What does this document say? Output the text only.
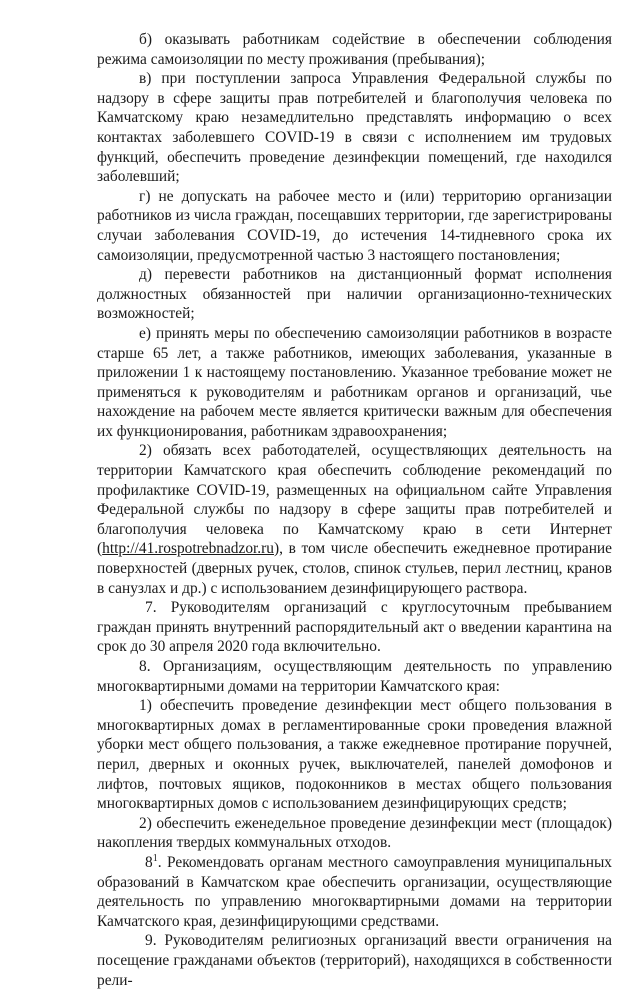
б) оказывать работникам содействие в обеспечении соблюдения режима самоизоляции по месту проживания (пребывания);

в) при поступлении запроса Управления Федеральной службы по надзору в сфере защиты прав потребителей и благополучия человека по Камчатскому краю незамедлительно представлять информацию о всех контактах заболевшего COVID-19 в связи с исполнением им трудовых функций, обеспечить проведение дезинфекции помещений, где находился заболевший;

г) не допускать на рабочее место и (или) территорию организации работников из числа граждан, посещавших территории, где зарегистрированы случаи заболевания COVID-19, до истечения 14-тидневного срока их самоизоляции, предусмотренной частью 3 настоящего постановления;

д) перевести работников на дистанционный формат исполнения должностных обязанностей при наличии организационно-технических возможностей;

е) принять меры по обеспечению самоизоляции работников в возрасте старше 65 лет, а также работников, имеющих заболевания, указанные в приложении 1 к настоящему постановлению. Указанное требование может не применяться к руководителям и работникам органов и организаций, чье нахождение на рабочем месте является критически важным для обеспечения их функционирования, работникам здравоохранения;

2) обязать всех работодателей, осуществляющих деятельность на территории Камчатского края обеспечить соблюдение рекомендаций по профилактике COVID-19, размещенных на официальном сайте Управления Федеральной службы по надзору в сфере защиты прав потребителей и благополучия человека по Камчатскому краю в сети Интернет (http://41.rospotrebnadzor.ru), в том числе обеспечить ежедневное протирание поверхностей (дверных ручек, столов, спинок стульев, перил лестниц, кранов в санузлах и др.) с использованием дезинфицирующего раствора.

7. Руководителям организаций с круглосуточным пребыванием граждан принять внутренний распорядительный акт о введении карантина на срок до 30 апреля 2020 года включительно.

8. Организациям, осуществляющим деятельность по управлению многоквартирными домами на территории Камчатского края:

1) обеспечить проведение дезинфекции мест общего пользования в многоквартирных домах в регламентированные сроки проведения влажной уборки мест общего пользования, а также ежедневное протирание поручней, перил, дверных и оконных ручек, выключателей, панелей домофонов и лифтов, почтовых ящиков, подоконников в местах общего пользования многоквартирных домов с использованием дезинфицирующих средств;

2) обеспечить еженедельное проведение дезинфекции мест (площадок) накопления твердых коммунальных отходов.

$8^1$. Рекомендовать органам местного самоуправления муниципальных образований в Камчатском крае обеспечить организации, осуществляющие деятельность по управлению многоквартирными домами на территории Камчатского края, дезинфицирующими средствами.

9. Руководителям религиозных организаций ввести ограничения на посещение гражданами объектов (территорий), находящихся в собственности рели-
